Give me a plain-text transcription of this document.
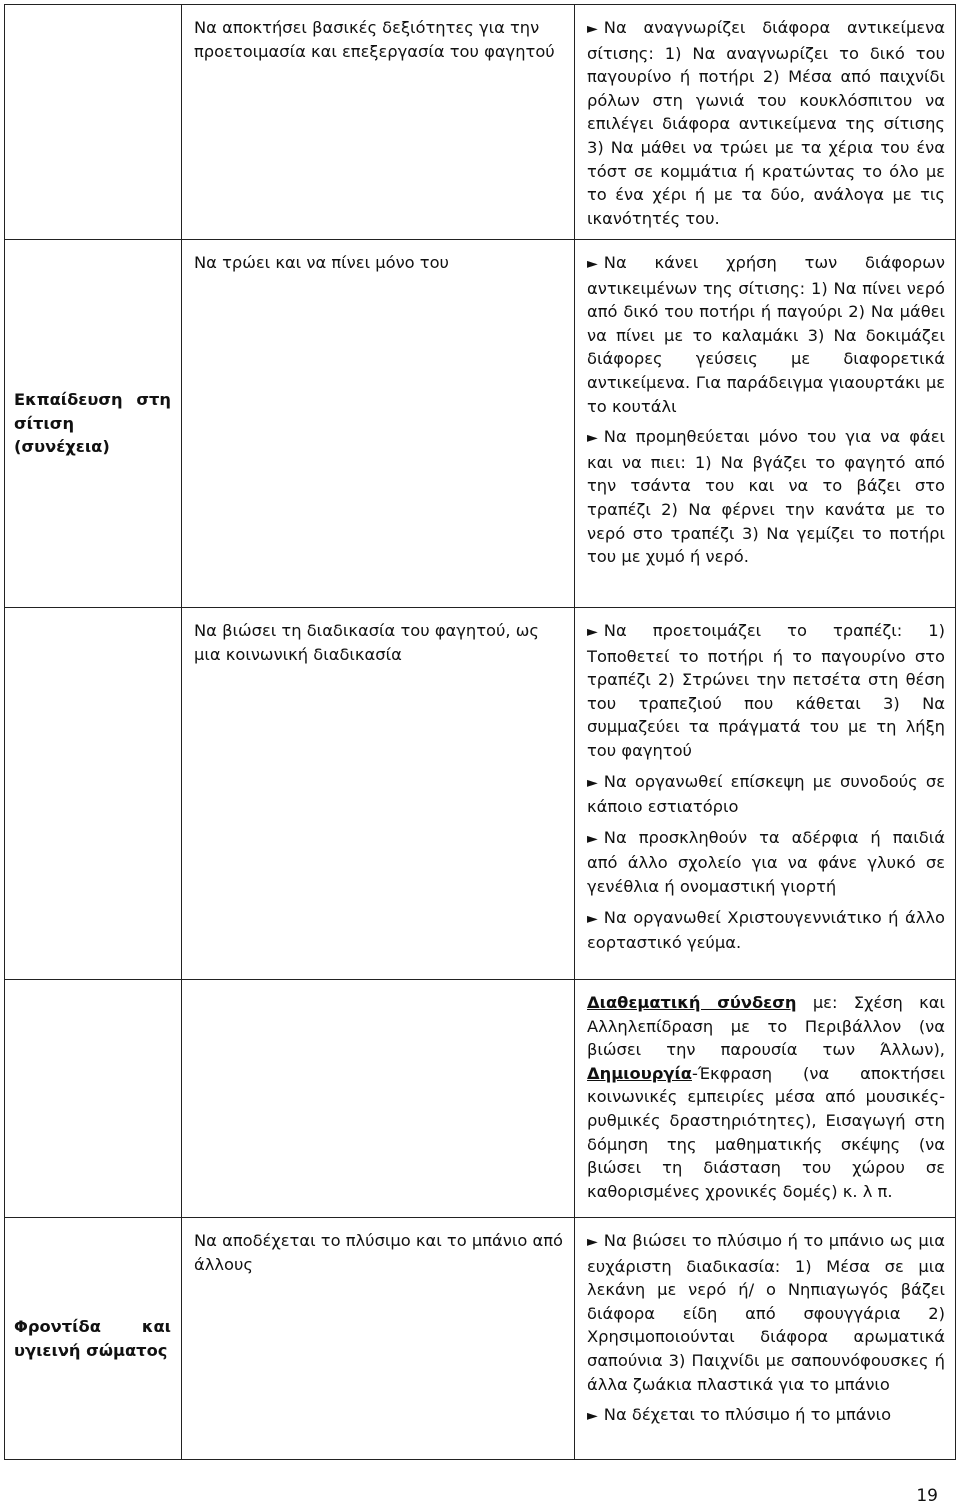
	Να αποκτήσει βασικές δεξιότητες για την προετοιμασία και επεξεργασία του φαγητού	► Να αναγνωρίζει διάφορα αντικείμενα σίτισης: 1) Να αναγνωρίζει το δικό του παγουρίνο ή ποτήρι 2) Μέσα από παιχνίδι ρόλων στη γωνιά του κουκλόσπιτου να επιλέγει διάφορα αντικείμενα της σίτισης 3) Να μάθει να τρώει με τα χέρια του ένα τόστ σε κομμάτια ή κρατώντας το όλο με το ένα χέρι ή με τα δύο, ανάλογα με τις ικανότητές του.

Εκπαίδευση στη σίτιση (συνέχεια)	Να τρώει και να πίνει μόνο του	► Να κάνει χρήση των διάφορων αντικειμένων της σίτισης: 1) Να πίνει νερό από δικό του ποτήρι ή παγούρι 2) Να μάθει να πίνει με το καλαμάκι 3) Να δοκιμάζει διάφορες γεύσεις με διαφορετικά αντικείμενα. Για παράδειγμα γιαουρτάκι με το κουτάλι

► Να προμηθεύεται μόνο του για να φάει και να πιει: 1) Να βγάζει το φαγητό από την τσάντα του και να το βάζει στο τραπέζι 2) Να φέρνει την κανάτα με το νερό στο τραπέζι 3) Να γεμίζει το ποτήρι του με χυμό ή νερό.

	Να βιώσει τη διαδικασία του φαγητού, ως μια κοινωνική διαδικασία	► Να προετοιμάζει το τραπέζι: 1) Τοποθετεί το ποτήρι ή το παγουρίνο στο τραπέζι 2) Στρώνει την πετσέτα στη θέση του τραπεζιού που κάθεται 3) Να συμμαζεύει τα πράγματά του με τη λήξη του φαγητού

► Να οργανωθεί επίσκεψη με συνοδούς σε κάποιο εστιατόριο

► Να προσκληθούν τα αδέρφια ή παιδιά από άλλο σχολείο για να φάνε γλυκό σε γενέθλια ή ονομαστική γιορτή

► Να οργανωθεί Χριστουγεννιάτικο ή άλλο εορταστικό γεύμα.

		Διαθεματική σύνδεση με: Σχέση και Αλληλεπίδραση με το Περιβάλλον (να βιώσει την παρουσία των Άλλων), Δημιουργία-Έκφραση (να αποκτήσει κοινωνικές εμπειρίες μέσα από μουσικές-ρυθμικές δραστηριότητες), Εισαγωγή στη δόμηση της μαθηματικής σκέψης (να βιώσει τη διάσταση του χώρου σε καθορισμένες χρονικές δομές) κ. λ π.

Φροντίδα και υγιεινή σώματος	Να αποδέχεται το πλύσιμο και το μπάνιο από άλλους	► Να βιώσει το πλύσιμο ή το μπάνιο ως μια ευχάριστη διαδικασία: 1) Μέσα σε μια λεκάνη με νερό ή/ ο Νηπιαγωγός βάζει διάφορα είδη από σφουγγάρια 2) Χρησιμοποιούνται διάφορα αρωματικά σαπούνια 3) Παιχνίδι με σαπουνόφουσκες ή άλλα ζωάκια πλαστικά για το μπάνιο

► Να δέχεται το πλύσιμο ή το μπάνιο

19
